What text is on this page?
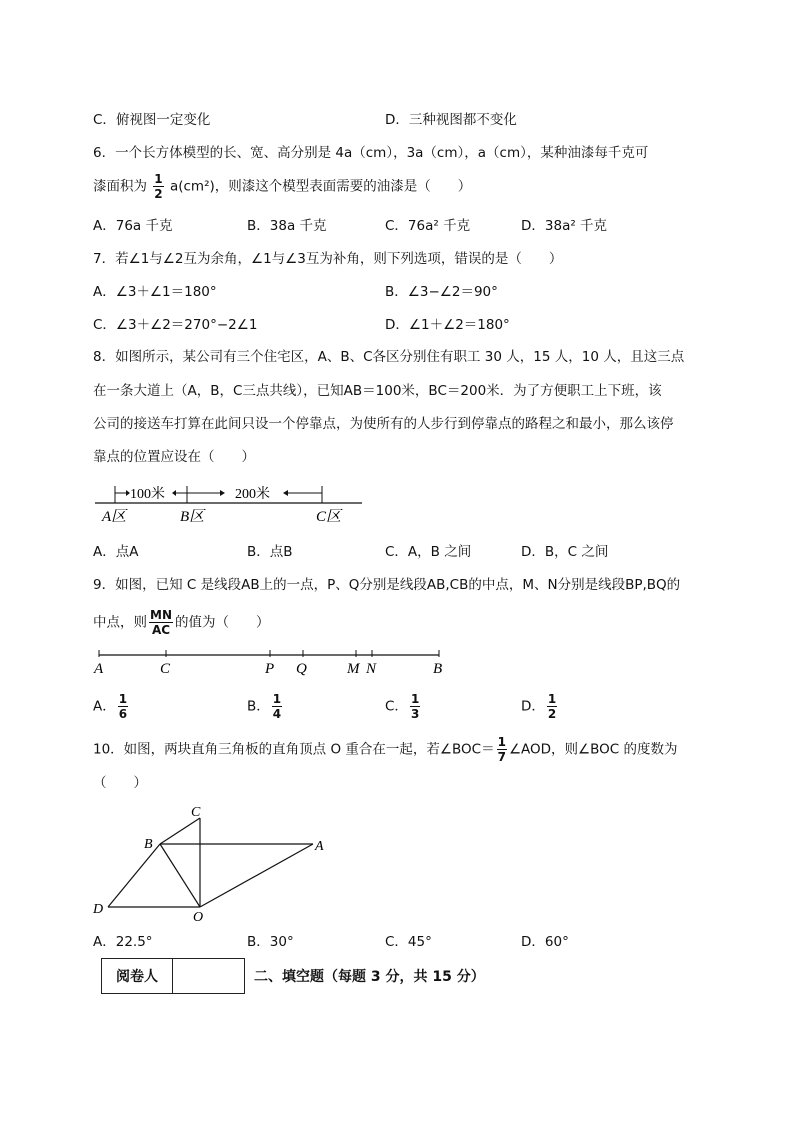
C．俯视图一定变化	D．三种视图都不变化
6．一个长方体模型的长、宽、高分别是 4a（cm），3a（cm），a（cm），某种油漆每千克可
漆面积为 $\frac{1}{2} a(cm^2)$，则漆这个模型表面需要的油漆是（　　）
A．76a 千克	B．38a 千克	C．76a² 千克	D．38a² 千克
7．若∠1与∠2互为余角，∠1与∠3互为补角，则下列选项，错误的是（　　）
A．∠3＋∠1＝180°	B．∠3−∠2＝90°
C．∠3＋∠2＝270°−2∠1	D．∠1＋∠2＝180°
8．如图所示，某公司有三个住宅区，A、B、C各区分别住有职工 30 人，15 人，10 人，且这三点
在一条大道上（A，B，C三点共线），已知AB＝100米，BC＝200米．为了方便职工上下班，该
公司的接送车打算在此间只设一个停靠点，为使所有的人步行到停靠点的路程之和最小，那么该停
靠点的位置应设在（　　）
100米	200米
A区	B区	C区
A．点A	B．点B	C．A，B 之间	D．B，C 之间
9．如图，已知 C 是线段AB上的一点，P、Q分别是线段AB,CB的中点，M、N分别是线段BP,BQ的
中点，则 $\frac{MN}{AC}$ 的值为（　　）
A	C	P Q	M N	B
A． $\frac{1}{6}$	B． $\frac{1}{4}$	C． $\frac{1}{3}$	D． $\frac{1}{2}$
10．如图，两块直角三角板的直角顶点 O 重合在一起，若∠BOC＝ $\frac{1}{7}$ ∠AOD，则∠BOC 的度数为
（　　）
C
B	A
D
O
A．22.5°	B．30°	C．45°	D．60°
阅卷人	二、填空题（每题 3 分，共 15 分）
